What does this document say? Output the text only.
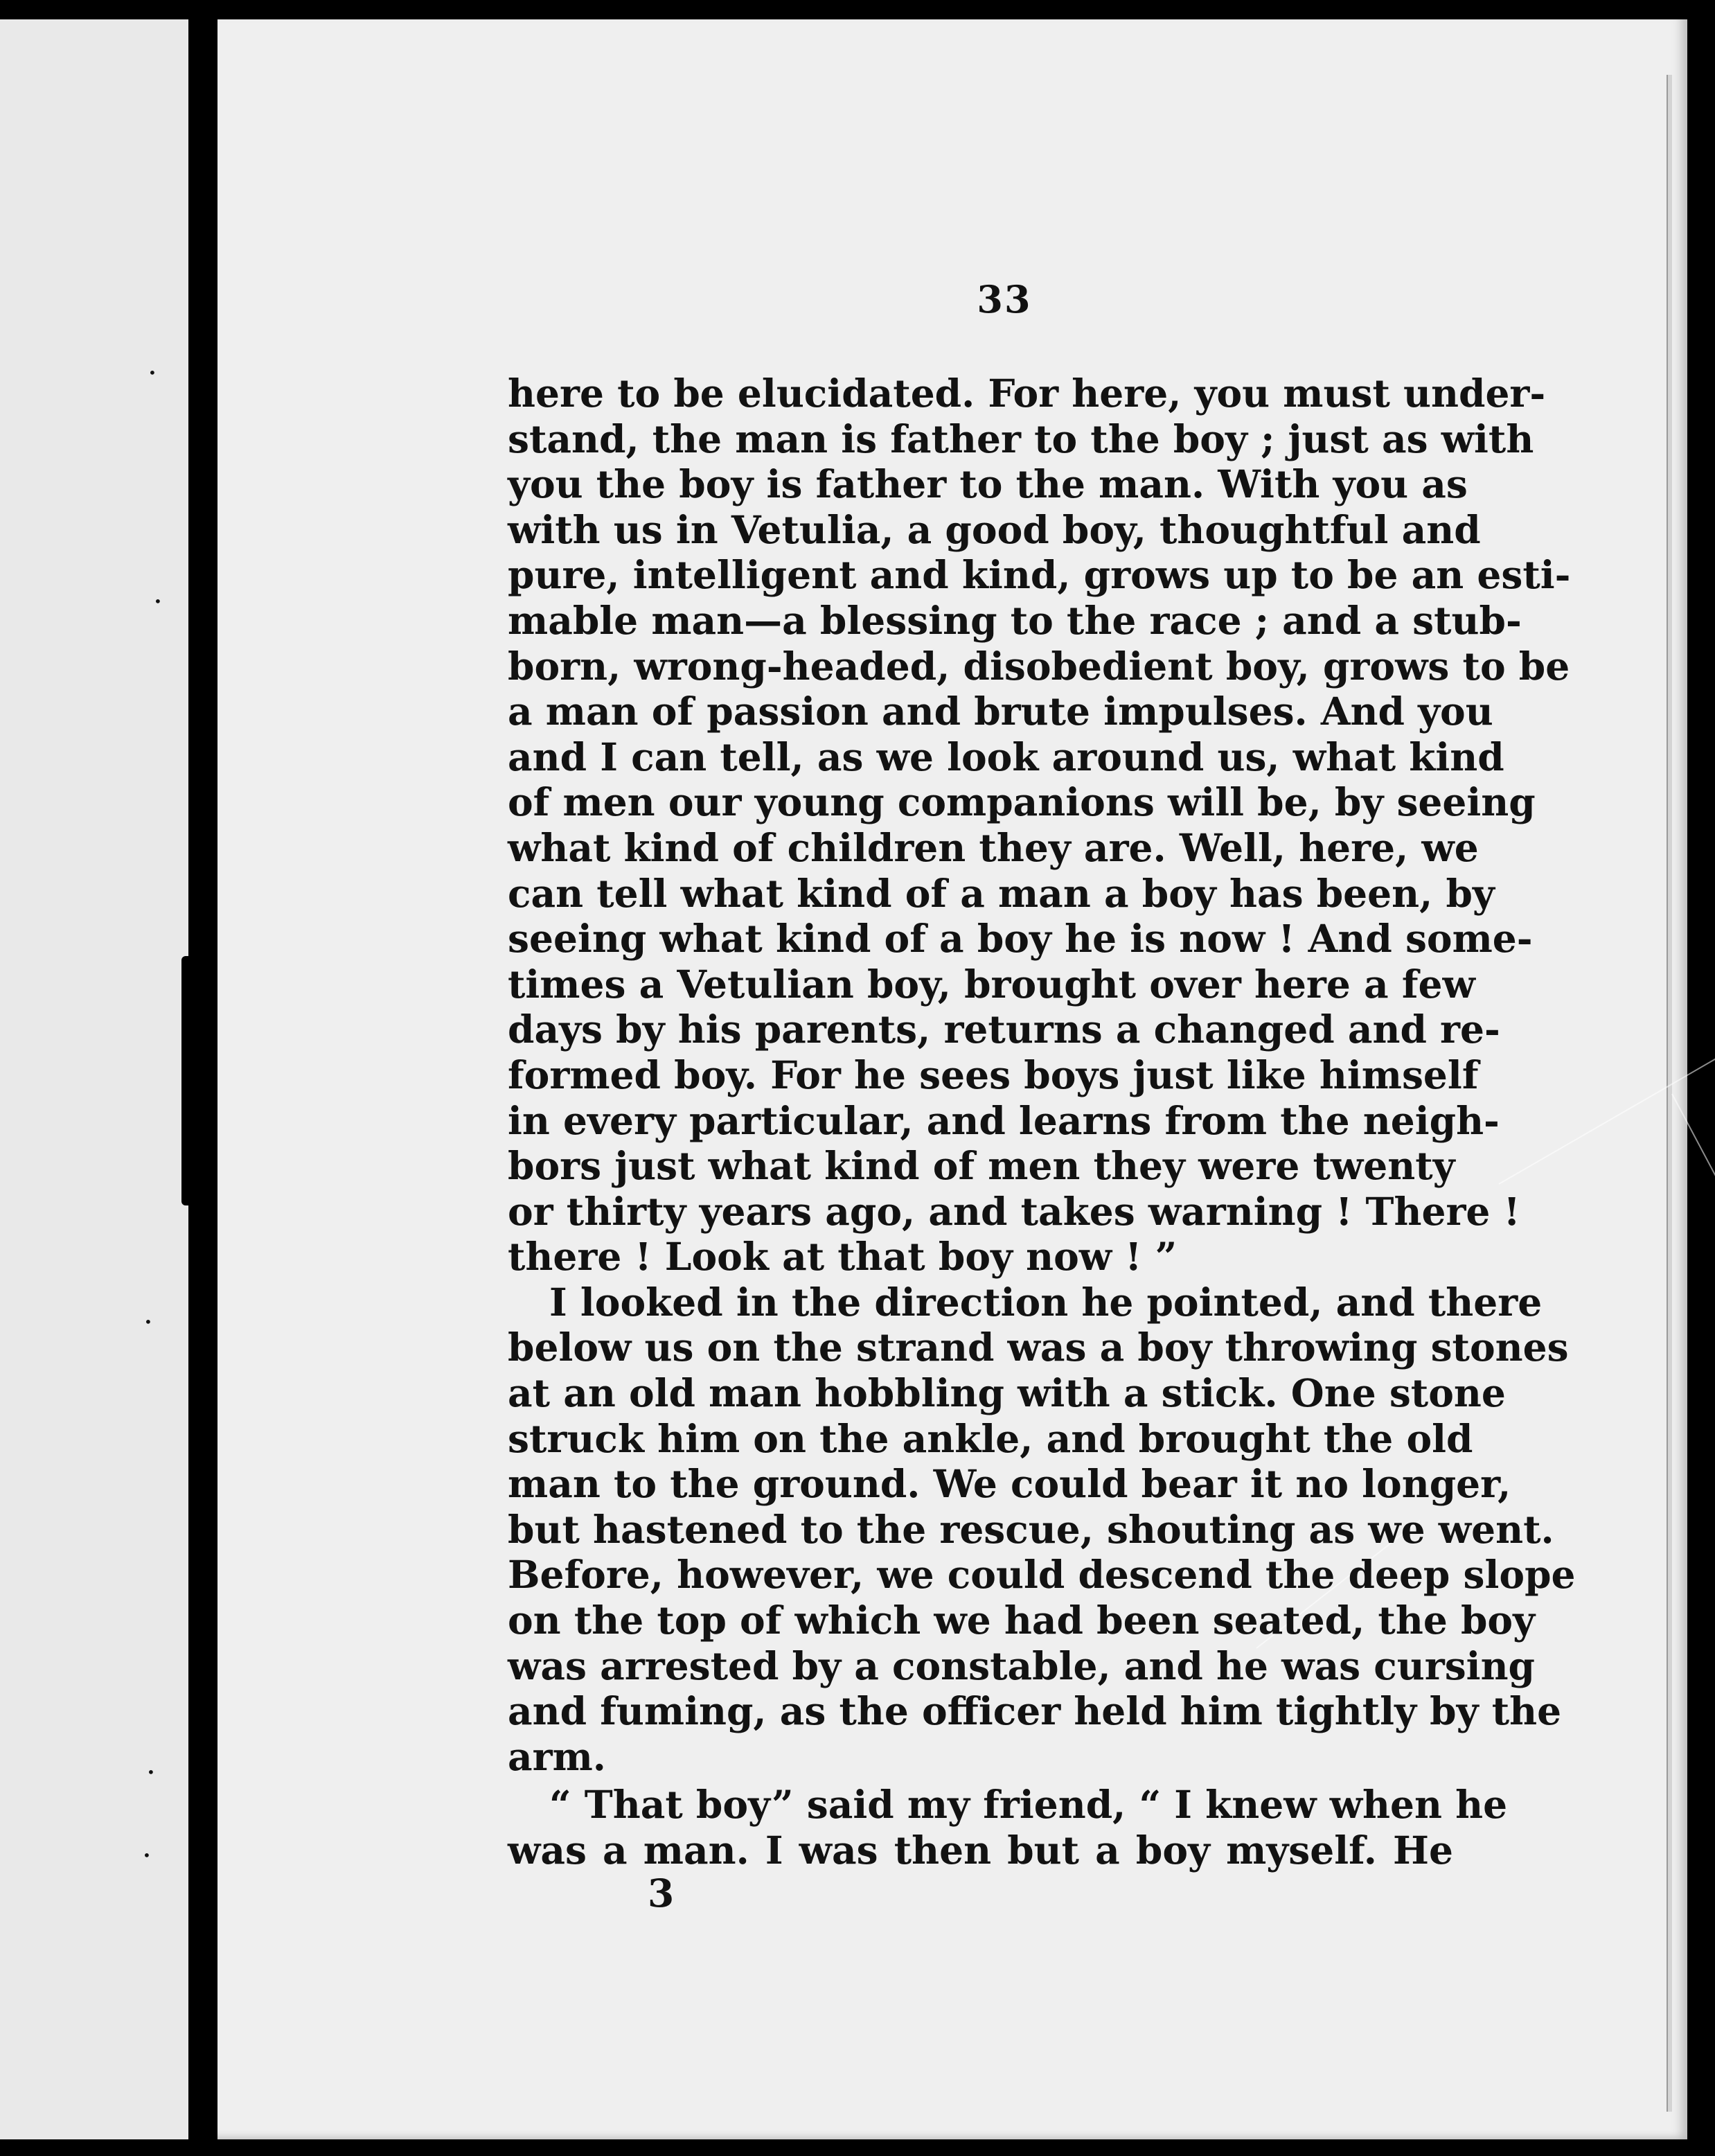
•
•
•
•
•
33
here to be elucidated. For here, you must under-
stand, the man is father to the boy ; just as with
you the boy is father to the man. With you as
with us in Vetulia, a good boy, thoughtful and
pure, intelligent and kind, grows up to be an esti-
mable man—a blessing to the race ; and a stub-
born, wrong-headed, disobedient boy, grows to be
a man of passion and brute impulses. And you
and I can tell, as we look around us, what kind
of men our young companions will be, by seeing
what kind of children they are. Well, here, we
can tell what kind of a man a boy has been, by
seeing what kind of a boy he is now ! And some-
times a Vetulian boy, brought over here a few
days by his parents, returns a changed and re-
formed boy. For he sees boys just like himself
in every particular, and learns from the neigh-
bors just what kind of men they were twenty
or thirty years ago, and takes warning ! There !
there ! Look at that boy now ! ”
I looked in the direction he pointed, and there
below us on the strand was a boy throwing stones
at an old man hobbling with a stick. One stone
struck him on the ankle, and brought the old
man to the ground. We could bear it no longer,
but hastened to the rescue, shouting as we went.
Before, however, we could descend the deep slope
on the top of which we had been seated, the boy
was arrested by a constable, and he was cursing
and fuming, as the officer held him tightly by the
arm.
“ That boy” said my friend, “ I knew when he
was a man. I was then but a boy myself. He
3
